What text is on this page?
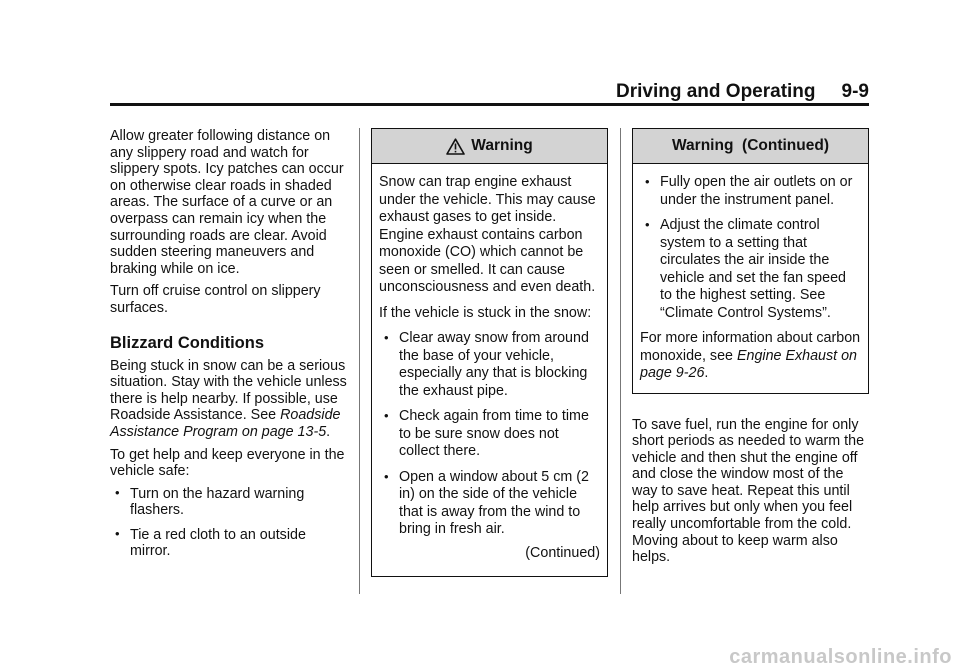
Driving and Operating 9-9

Allow greater following distance on any slippery road and watch for slippery spots. Icy patches can occur on otherwise clear roads in shaded areas. The surface of a curve or an overpass can remain icy when the surrounding roads are clear. Avoid sudden steering maneuvers and braking while on ice.

Turn off cruise control on slippery surfaces.

Blizzard Conditions

Being stuck in snow can be a serious situation. Stay with the vehicle unless there is help nearby. If possible, use Roadside Assistance. See Roadside Assistance Program on page 13-5.

To get help and keep everyone in the vehicle safe:

• Turn on the hazard warning flashers.
• Tie a red cloth to an outside mirror.
Warning

Snow can trap engine exhaust under the vehicle. This may cause exhaust gases to get inside. Engine exhaust contains carbon monoxide (CO) which cannot be seen or smelled. It can cause unconsciousness and even death.

If the vehicle is stuck in the snow:

• Clear away snow from around the base of your vehicle, especially any that is blocking the exhaust pipe.
• Check again from time to time to be sure snow does not collect there.
• Open a window about 5 cm (2 in) on the side of the vehicle that is away from the wind to bring in fresh air.

(Continued)

Warning  (Continued)
• Fully open the air outlets on or under the instrument panel.
• Adjust the climate control system to a setting that circulates the air inside the vehicle and set the fan speed to the highest setting. See “Climate Control Systems”.

For more information about carbon monoxide, see Engine Exhaust on page 9-26.

To save fuel, run the engine for only short periods as needed to warm the vehicle and then shut the engine off and close the window most of the way to save heat. Repeat this until help arrives but only when you feel really uncomfortable from the cold. Moving about to keep warm also helps.

carmanualsonline.info
